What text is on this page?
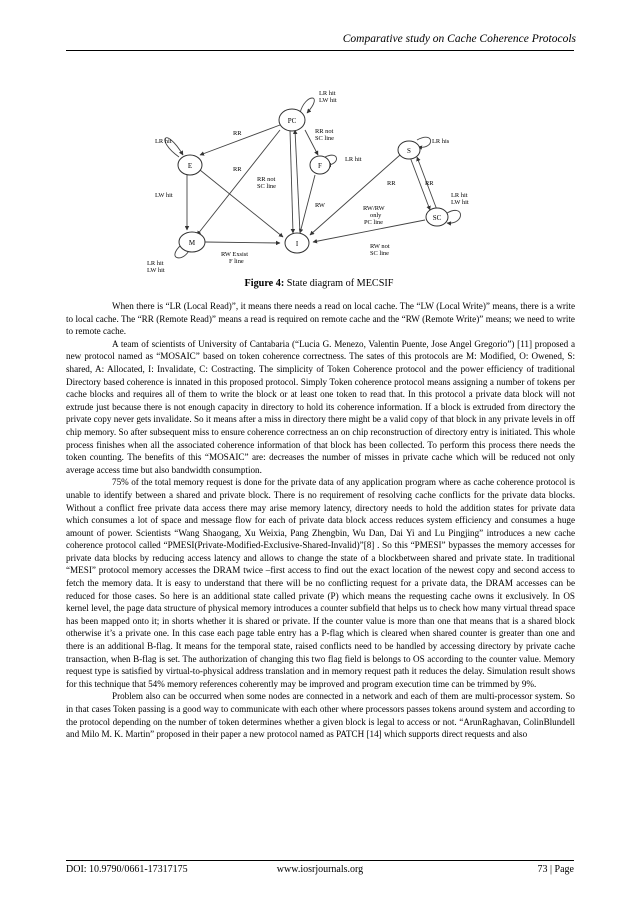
Comparative study on Cache Coherence Protocols
PC
E	F
S
SC
M	I
LR hit
LW hit
LR hit
RR	RR not
SC line
LR hit
LR his
RR
RR not
SC line
LW hit
RR	RR
LR hit
LW hit
RW	RW/RW
only
PC line
RW not
SC line
RW Exsist
F line
LR hit
LW hit
Figure 4: State diagram of MECSIF

When there is “LR (Local Read)”, it means there needs a read on local cache. The “LW (Local Write)” means, there is a write to local cache. The “RR (Remote Read)” means a read is required on remote cache and the “RW (Remote Write)” means; we need to write to remote cache.

A team of scientists of University of Cantabaria (“Lucia G. Menezo, Valentin Puente, Jose Angel Gregorio”) [11] proposed a new protocol named as “MOSAIC” based on token coherence correctness. The sates of this protocols are M: Modified, O: Owened, S: shared, A: Allocated, I: Invalidate, C: Costracting. The simplicity of Token Coherence protocol and the power efficiency of traditional Directory based coherence is innated in this proposed protocol. Simply Token coherence protocol means assigning a number of tokens per cache blocks and requires all of them to write the block or at least one token to read that. In this protocol a private data block will not extrude just because there is not enough capacity in directory to hold its coherence information. If a block is extruded from directory the private copy never gets invalidate. So it means after a miss in directory there might be a valid copy of that block in any private levels in off chip memory. So after subsequent miss to ensure coherence correctness an on chip reconstruction of directory entry is initiated. This whole process finishes when all the associated coherence information of that block has been collected. To perform this process there needs the token counting. The benefits of this “MOSAIC” are: decreases the number of misses in private cache which will be reduced not only average access time but also bandwidth consumption.

75% of the total memory request is done for the private data of any application program where as cache coherence protocol is unable to identify between a shared and private block. There is no requirement of resolving cache conflicts for the private data blocks. Without a conflict free private data access there may arise memory latency, directory needs to hold the addition states for private data which consumes a lot of space and message flow for each of private data block access reduces system efficiency and consumes a huge amount of power. Scientists “Wang Shaogang, Xu Weixia, Pang Zhengbin, Wu Dan, Dai Yi and Lu Pingjing” introduces a new cache coherence protocol called “PMESI(Private-Modified-Exclusive-Shared-Invalid)”[8] . So this “PMESI” bypasses the memory accesses for private data blocks by reducing access latency and allows to change the state of a blockbetween shared and private state. In traditional “MESI” protocol memory accesses the DRAM twice –first access to find out the exact location of the newest copy and second access to fetch the memory data. It is easy to understand that there will be no conflicting request for a private data, the DRAM accesses can be reduced for those cases. So here is an additional state called private (P) which means the requesting cache owns it exclusively. In OS kernel level, the page data structure of physical memory introduces a counter subfield that helps us to check how many virtual thread space has been mapped onto it; in shorts whether it is shared or private. If the counter value is more than one that means that is a shared block otherwise it’s a private one. In this case each page table entry has a P-flag which is cleared when shared counter is greater than one and there is an additional B-flag. It means for the temporal state, raised conflicts need to be handled by accessing directory by private cache transaction, when B-flag is set. The authorization of changing this two flag field is belongs to OS according to the counter value. Memory request type is satisfied by virtual-to-physical address translation and in memory request path it reduces the delay. Simulation result shows for this technique that 54% memory references coherently may be improved and program execution time can be trimmed by 9%.

Problem also can be occurred when some nodes are connected in a network and each of them are multi-processor system. So in that cases Token passing is a good way to communicate with each other where processors passes tokens around system and according to the protocol depending on the number of token determines whether a given block is legal to access or not. “ArunRaghavan, ColinBlundell and Milo M. K. Martin” proposed in their paper a new protocol named as PATCH [14] which supports direct requests and also

DOI: 10.9790/0661-17317175	www.iosrjournals.org	73 | Page
